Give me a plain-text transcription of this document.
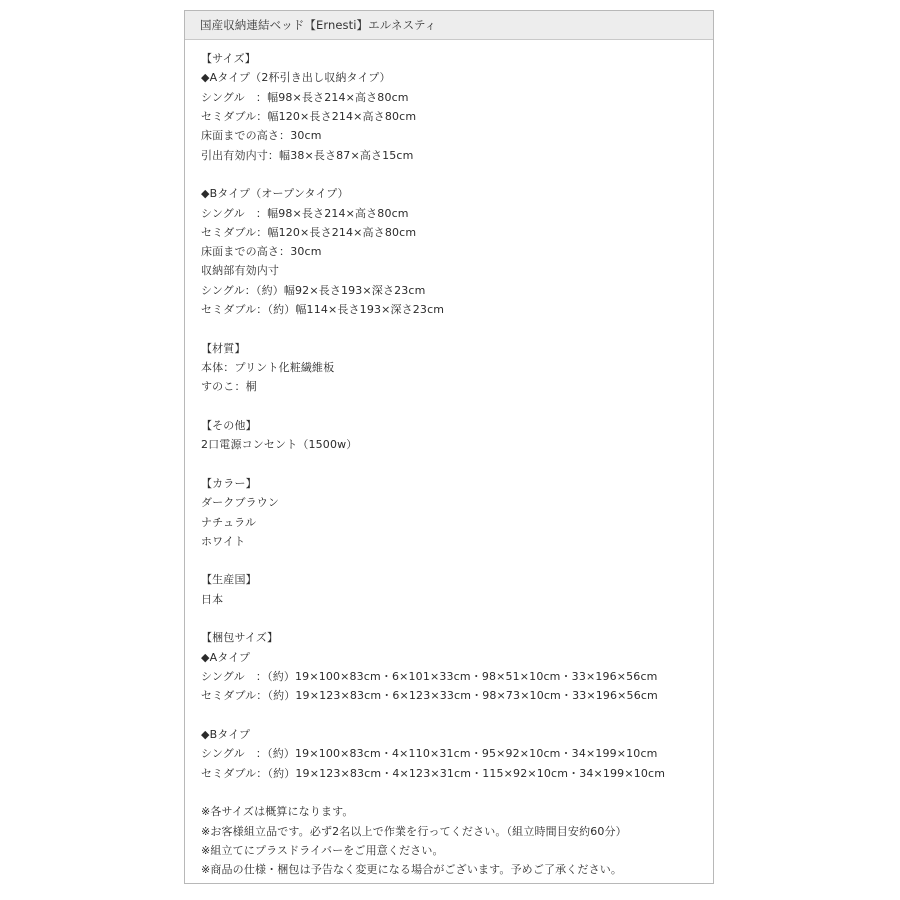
国産収納連結ベッド【Ernesti】エルネスティ
【サイズ】
◆Aタイプ（2杯引き出し収納タイプ）
シングル　：幅98×長さ214×高さ80cm
セミダブル：幅120×長さ214×高さ80cm
床面までの高さ：30cm
引出有効内寸：幅38×長さ87×高さ15cm
◆Bタイプ（オープンタイプ）
シングル　：幅98×長さ214×高さ80cm
セミダブル：幅120×長さ214×高さ80cm
床面までの高さ：30cm
収納部有効内寸
シングル：（約）幅92×長さ193×深さ23cm
セミダブル：（約）幅114×長さ193×深さ23cm
【材質】
本体：プリント化粧繊維板
すのこ：桐
【その他】
2口電源コンセント（1500w）
【カラー】
ダークブラウン
ナチュラル
ホワイト
【生産国】
日本
【梱包サイズ】
◆Aタイプ
シングル　：（約）19×100×83cm・6×101×33cm・98×51×10cm・33×196×56cm
セミダブル：（約）19×123×83cm・6×123×33cm・98×73×10cm・33×196×56cm
◆Bタイプ
シングル　：（約）19×100×83cm・4×110×31cm・95×92×10cm・34×199×10cm
セミダブル：（約）19×123×83cm・4×123×31cm・115×92×10cm・34×199×10cm
※各サイズは概算になります。
※お客様組立品です。必ず2名以上で作業を行ってください。（組立時間目安約60分）
※組立てにプラスドライバーをご用意ください。
※商品の仕様・梱包は予告なく変更になる場合がございます。予めご了承ください。
